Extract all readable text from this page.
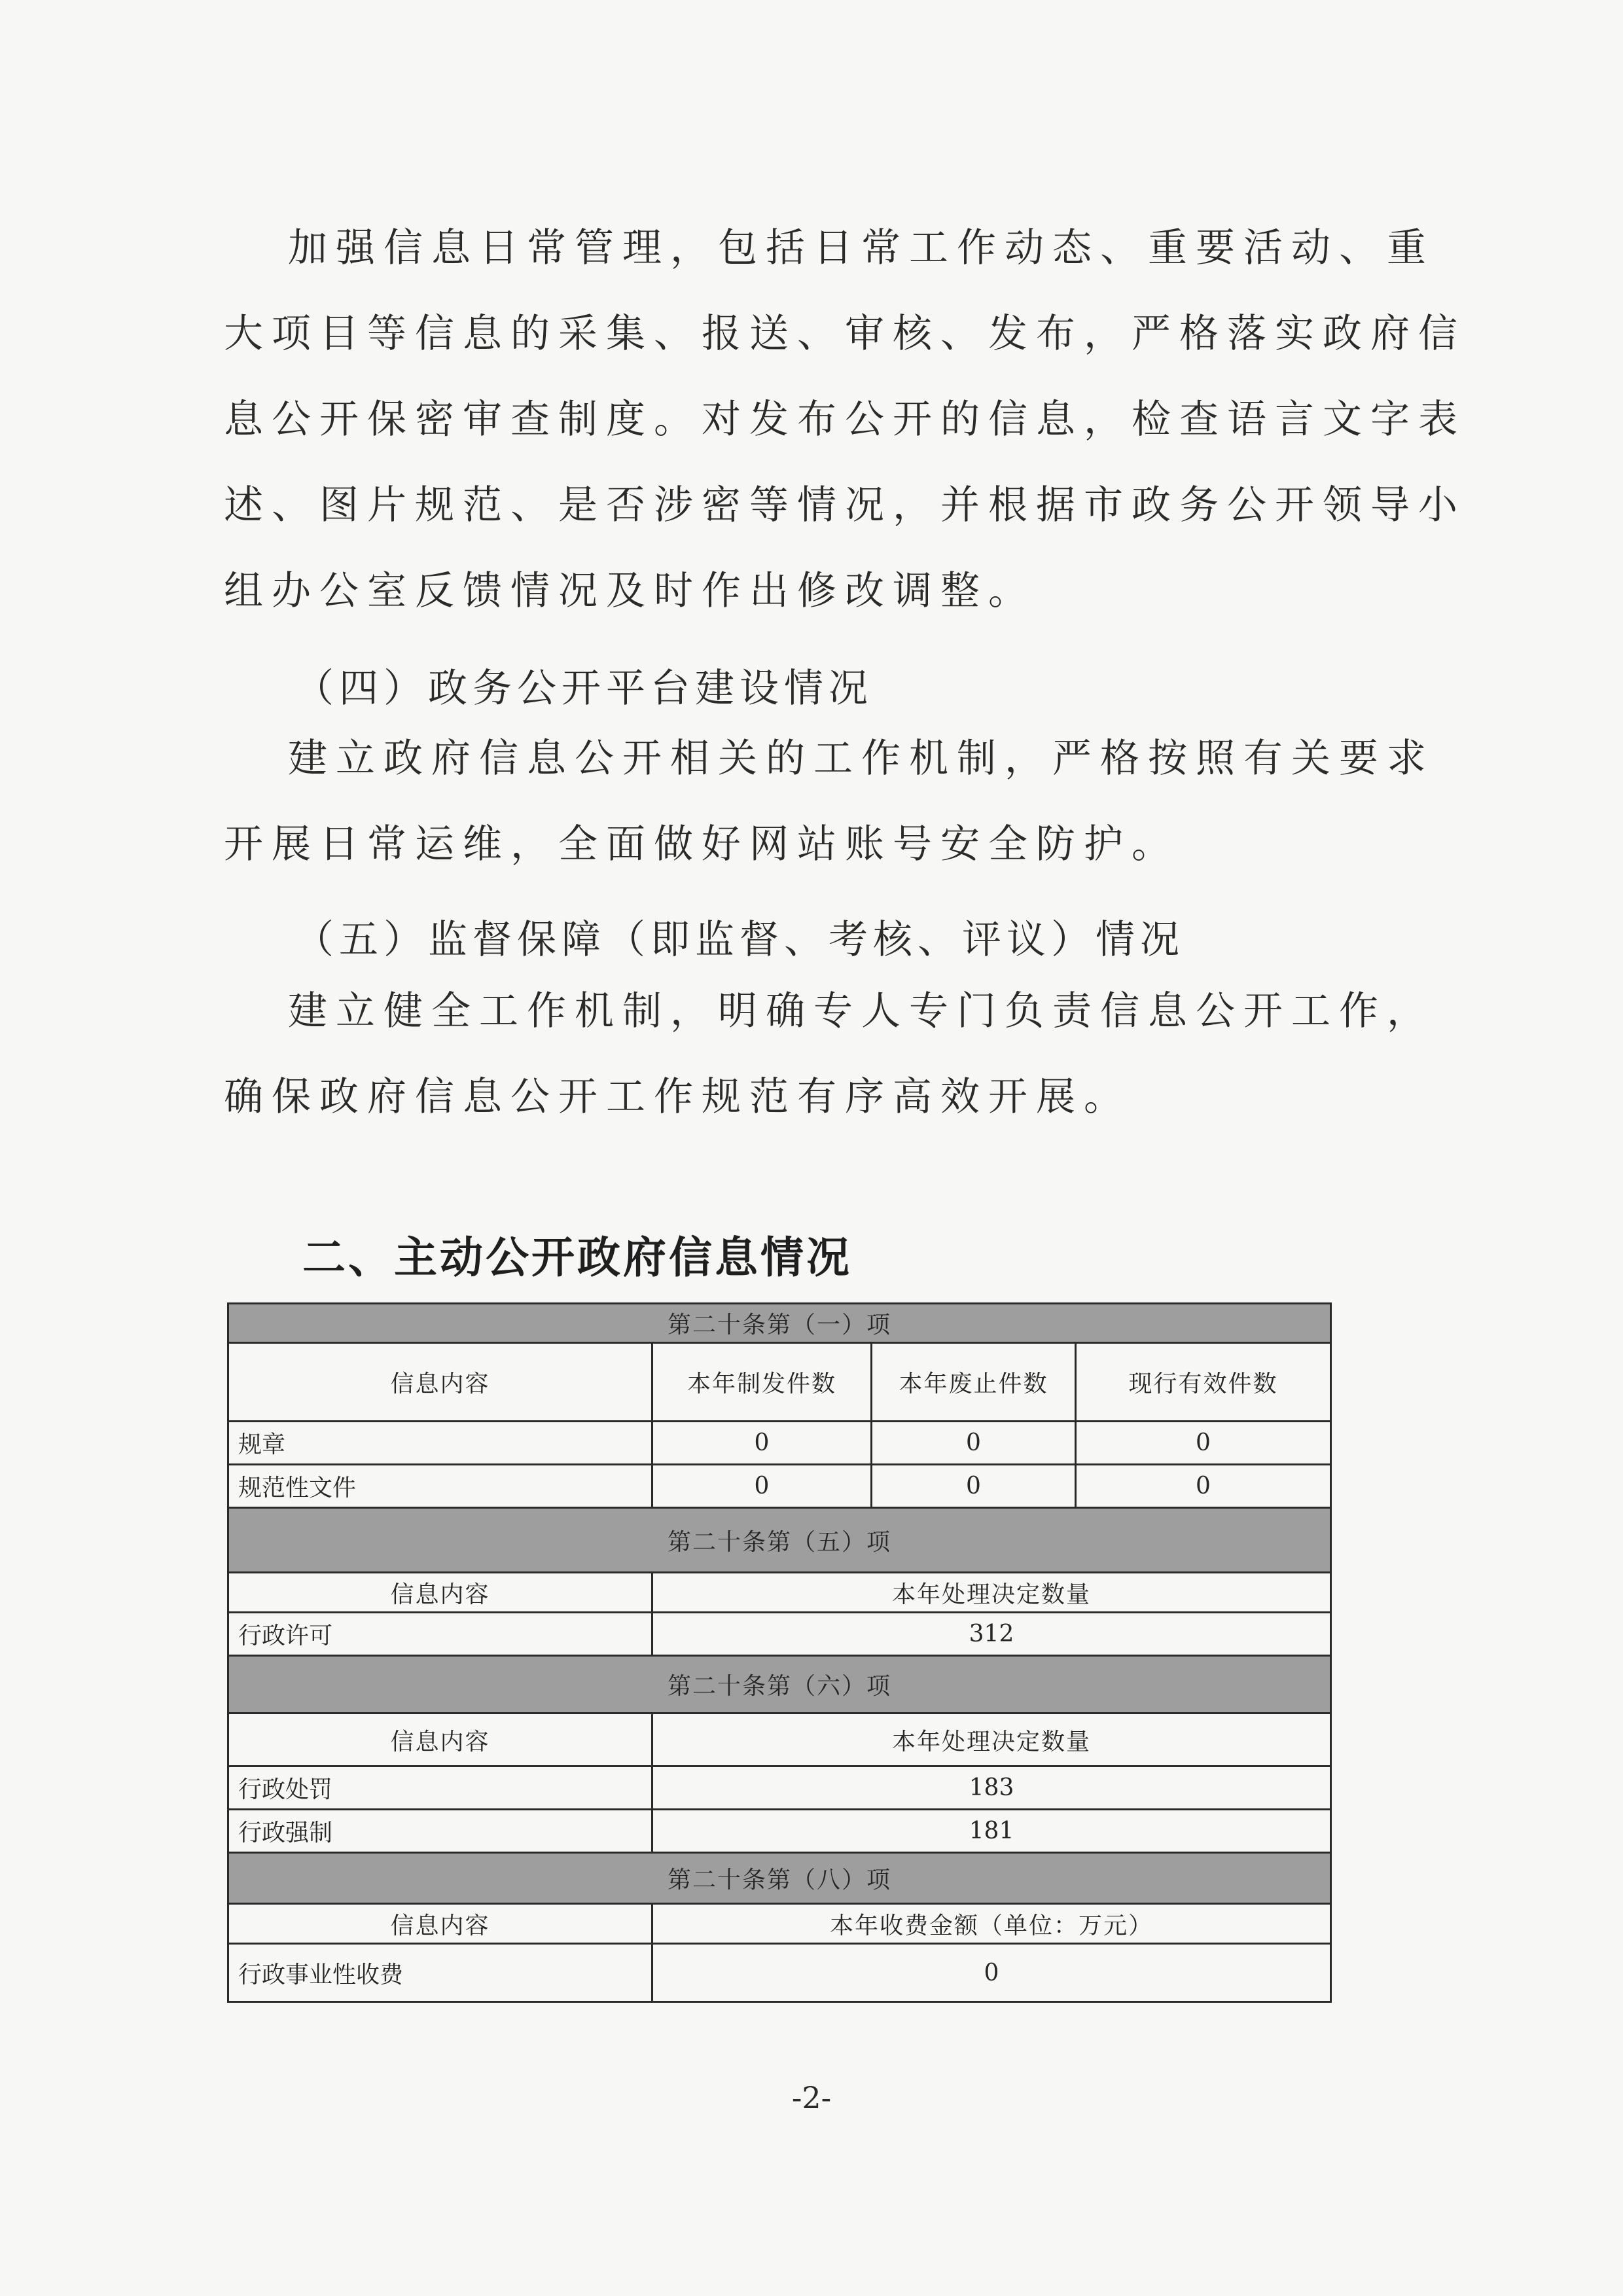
加强信息日常管理，包括日常工作动态、重要活动、重
大项目等信息的采集、报送、审核、发布，严格落实政府信
息公开保密审查制度。对发布公开的信息，检查语言文字表
述、图片规范、是否涉密等情况，并根据市政务公开领导小
组办公室反馈情况及时作出修改调整。
（四）政务公开平台建设情况
建立政府信息公开相关的工作机制，严格按照有关要求
开展日常运维，全面做好网站账号安全防护。
（五）监督保障（即监督、考核、评议）情况
建立健全工作机制，明确专人专门负责信息公开工作，
确保政府信息公开工作规范有序高效开展。
二、主动公开政府信息情况
第二十条第（一）项			
信息内容	本年制发件数	本年废止件数	现行有效件数
规章	0	0	0
规范性文件	0	0	0
第二十条第（五）项			
信息内容	本年处理决定数量		
行政许可	312		
第二十条第（六）项			
信息内容	本年处理决定数量		
行政处罚	183		
行政强制	181		
第二十条第（八）项			
信息内容	本年收费金额（单位：万元）		
行政事业性收费	0		
-2-
